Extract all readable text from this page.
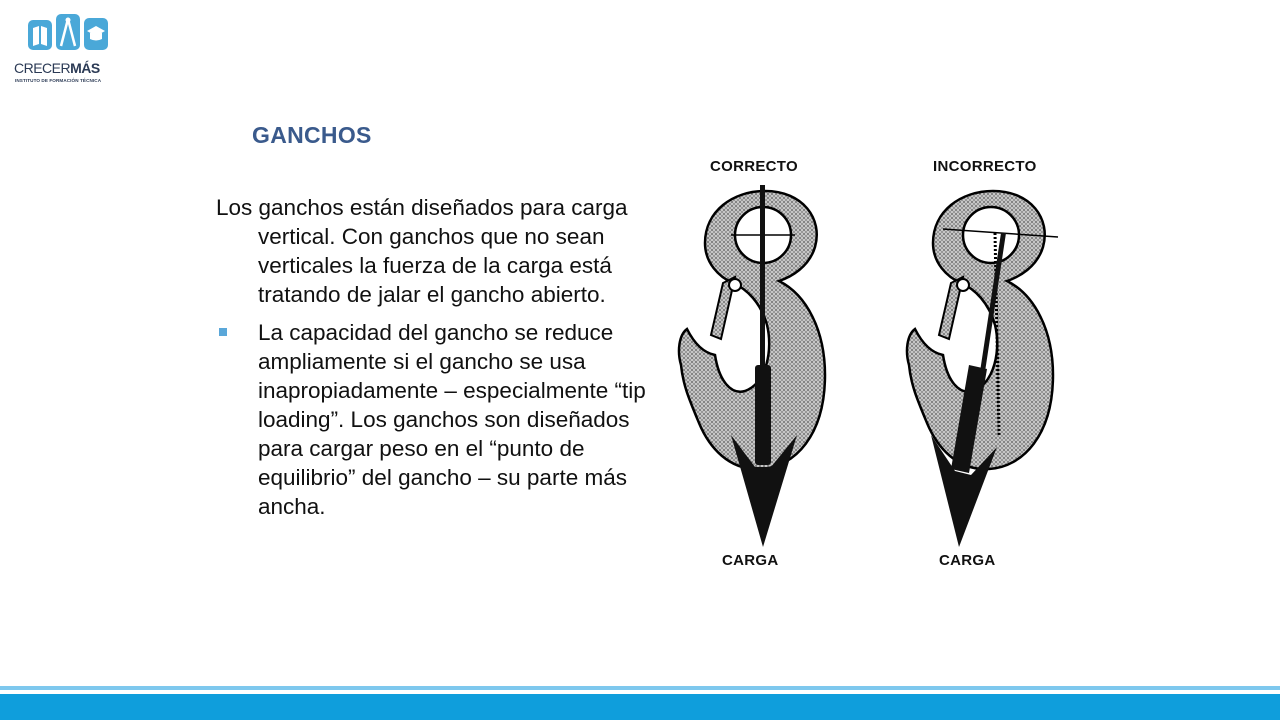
CRECERMÁS
INSTITUTO DE FORMACIÓN TÉCNICA
GANCHOS

Los ganchos están diseñados para carga vertical. Con ganchos que no sean verticales la fuerza de la carga está tratando de jalar el gancho abierto.

La capacidad del gancho se reduce ampliamente si el gancho se usa inapropiadamente – especialmente “tip loading”. Los ganchos son diseñados para cargar peso en el “punto de equilibrio” del gancho – su parte más ancha.
CORRECTO	INCORRECTO
CARGA	CARGA
